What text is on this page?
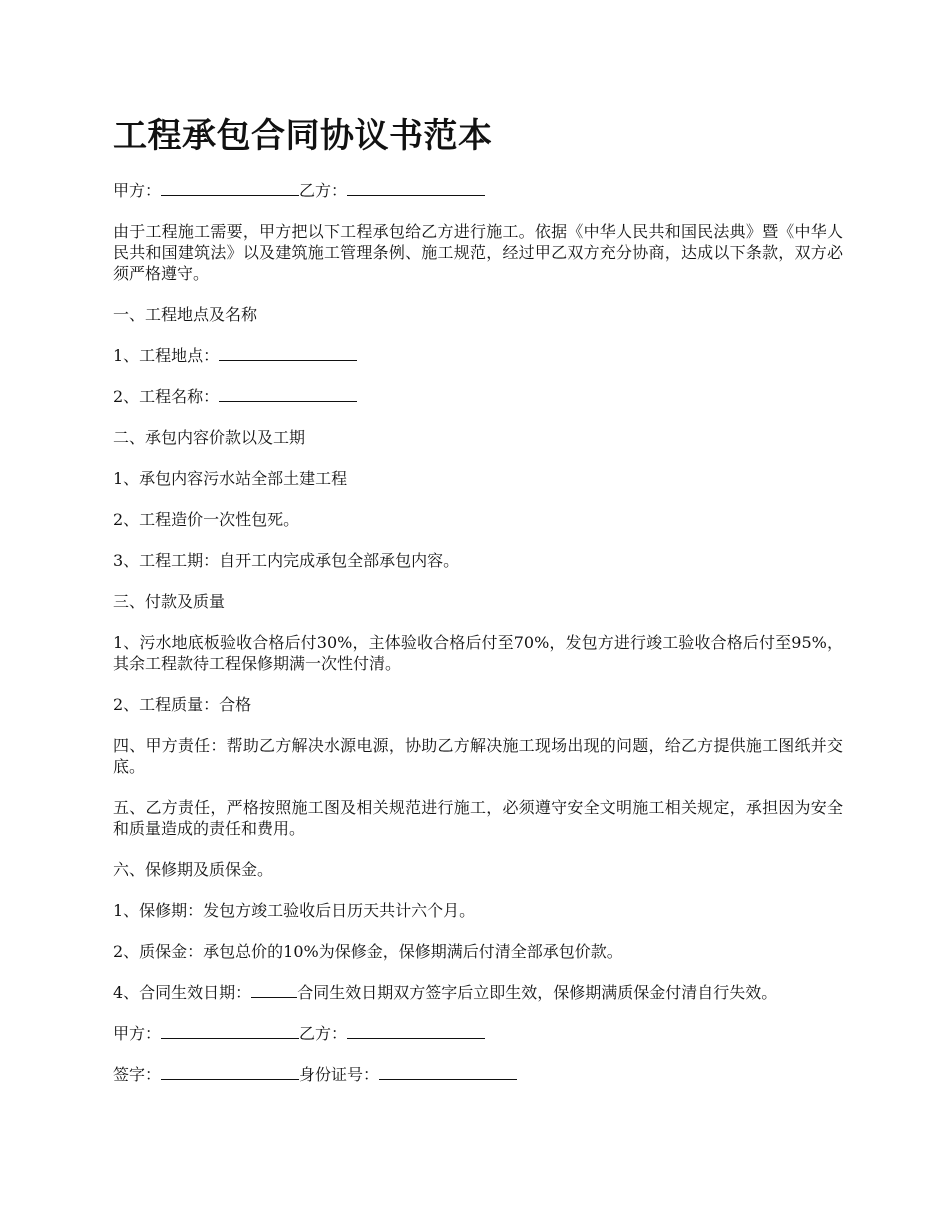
工程承包合同协议书范本

甲方：	乙方：

由于工程施工需要，甲方把以下工程承包给乙方进行施工。依据《中华人民共和国民法典》暨《中华人民共和国建筑法》以及建筑施工管理条例、施工规范，经过甲乙双方充分协商，达成以下条款，双方必须严格遵守。

一、工程地点及名称

1、工程地点：

2、工程名称：

二、承包内容价款以及工期

1、承包内容污水站全部土建工程

2、工程造价一次性包死。

3、工程工期：自开工内完成承包全部承包内容。

三、付款及质量

1、污水地底板验收合格后付30%，主体验收合格后付至70%，发包方进行竣工验收合格后付至95%，其余工程款待工程保修期满一次性付清。

2、工程质量：合格

四、甲方责任：帮助乙方解决水源电源，协助乙方解决施工现场出现的问题，给乙方提供施工图纸并交底。

五、乙方责任，严格按照施工图及相关规范进行施工，必须遵守安全文明施工相关规定，承担因为安全和质量造成的责任和费用。

六、保修期及质保金。

1、保修期：发包方竣工验收后日历天共计六个月。

2、质保金：承包总价的10%为保修金，保修期满后付清全部承包价款。

4、合同生效日期：	合同生效日期双方签字后立即生效，保修期满质保金付清自行失效。

甲方：	乙方：

签字：	身份证号：
